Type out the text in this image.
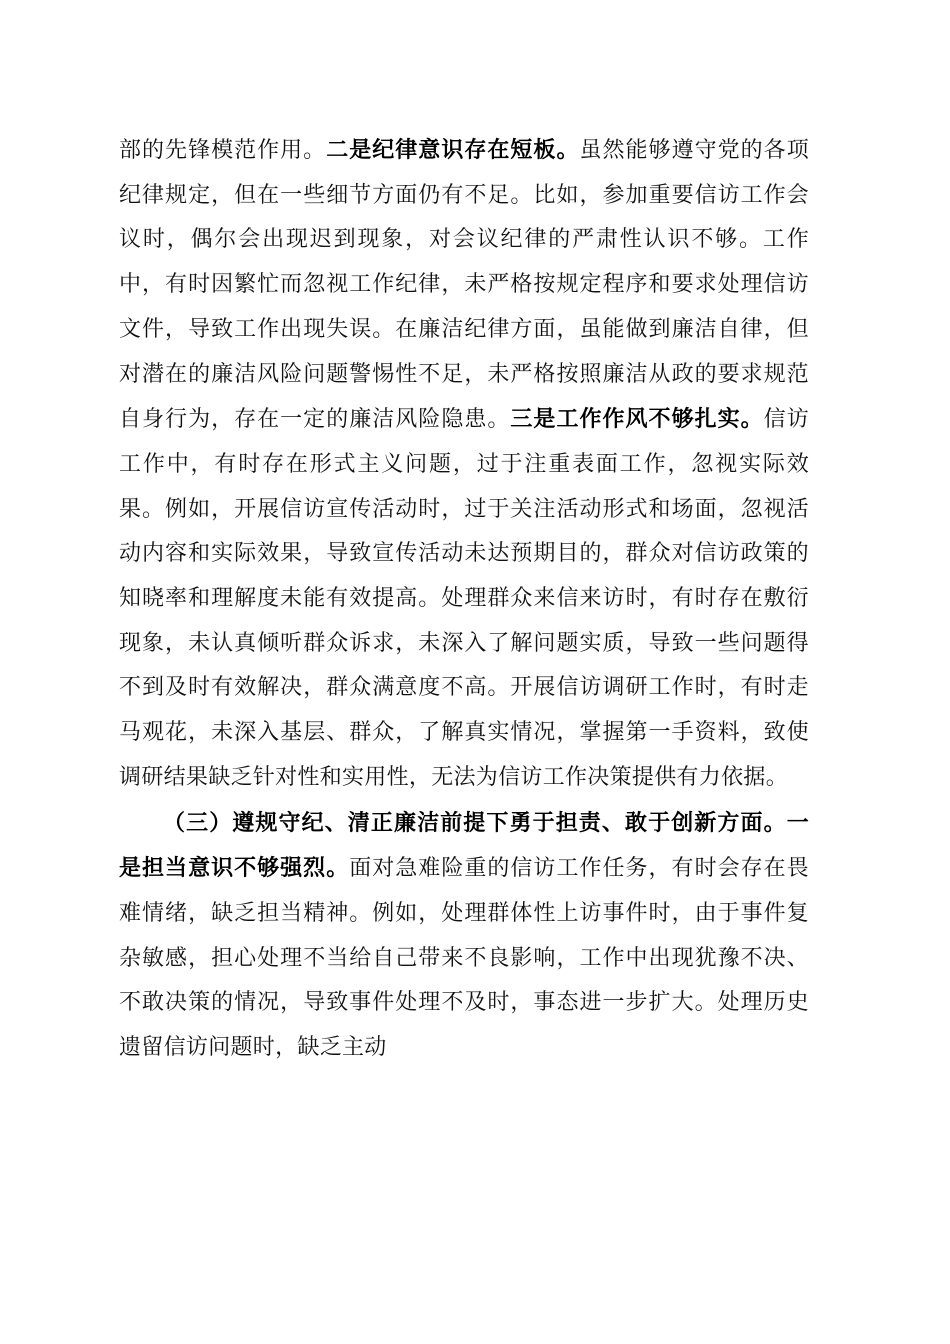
部的先锋模范作用。二是纪律意识存在短板。虽然能够遵守党的各项纪律规定，但在一些细节方面仍有不足。比如，参加重要信访工作会议时，偶尔会出现迟到现象，对会议纪律的严肃性认识不够。工作中，有时因繁忙而忽视工作纪律，未严格按规定程序和要求处理信访文件，导致工作出现失误。在廉洁纪律方面，虽能做到廉洁自律，但对潜在的廉洁风险问题警惕性不足，未严格按照廉洁从政的要求规范自身行为，存在一定的廉洁风险隐患。三是工作作风不够扎实。信访工作中，有时存在形式主义问题，过于注重表面工作，忽视实际效果。例如，开展信访宣传活动时，过于关注活动形式和场面，忽视活动内容和实际效果，导致宣传活动未达预期目的，群众对信访政策的知晓率和理解度未能有效提高。处理群众来信来访时，有时存在敷衍现象，未认真倾听群众诉求，未深入了解问题实质，导致一些问题得不到及时有效解决，群众满意度不高。开展信访调研工作时，有时走马观花，未深入基层、群众，了解真实情况，掌握第一手资料，致使调研结果缺乏针对性和实用性，无法为信访工作决策提供有力依据。

（三）遵规守纪、清正廉洁前提下勇于担责、敢于创新方面。一是担当意识不够强烈。面对急难险重的信访工作任务，有时会存在畏难情绪，缺乏担当精神。例如，处理群体性上访事件时，由于事件复杂敏感，担心处理不当给自己带来不良影响，工作中出现犹豫不决、不敢决策的情况，导致事件处理不及时，事态进一步扩大。处理历史遗留信访问题时，缺乏主动
